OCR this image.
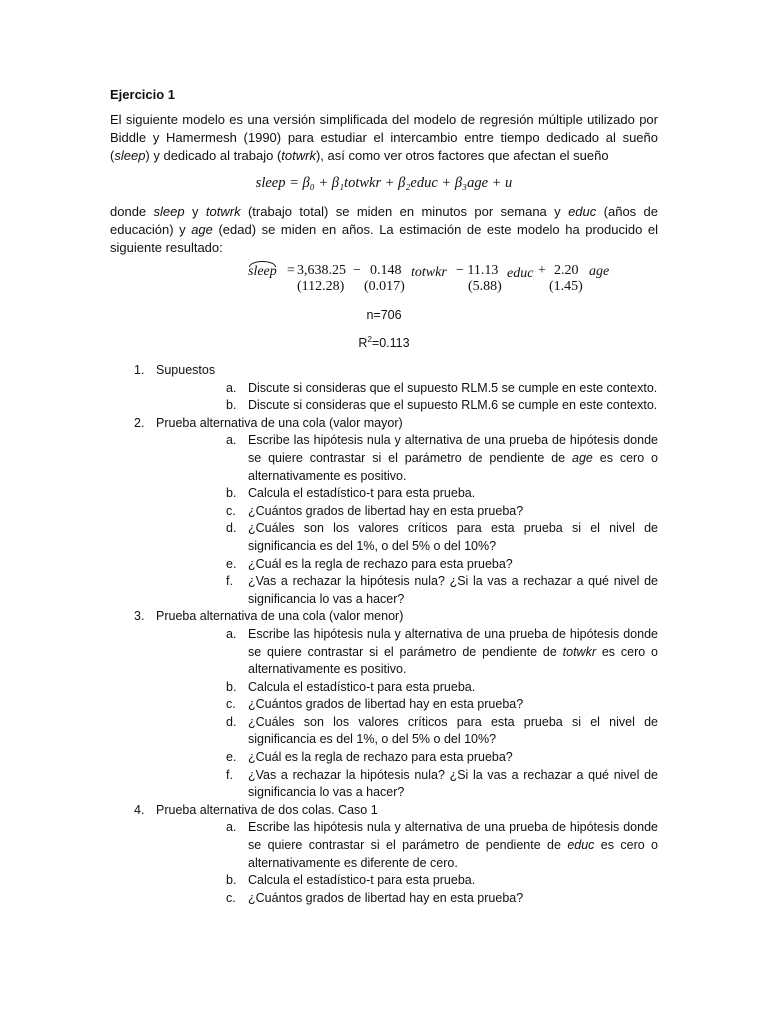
Ejercicio 1

El siguiente modelo es una versión simplificada del modelo de regresión múltiple utilizado por Biddle y Hamermesh (1990) para estudiar el intercambio entre tiempo dedicado al sueño (sleep) y dedicado al trabajo (totwrk), así como ver otros factores que afectan el sueño

sleep = β₀ + β₁totwkr + β₂educ + β₃age + u

donde sleep y totwrk (trabajo total) se miden en minutos por semana y educ (años de educación) y age (edad) se miden en años. La estimación de este modelo ha producido el siguiente resultado:

sleep = 3,638.25 − 0.148 totwkr − 11.13 educ + 2.20 age
(112.28) (0.017)	(5.88)	(1.45)
n=706
$R^2=0.113$
1. Supuestos
a. Discute si consideras que el supuesto RLM.5 se cumple en este contexto.
b. Discute si consideras que el supuesto RLM.6 se cumple en este contexto.
2. Prueba alternativa de una cola (valor mayor)
a. Escribe las hipótesis nula y alternativa de una prueba de hipótesis donde se quiere contrastar si el parámetro de pendiente de age es cero o alternativamente es positivo.
b. Calcula el estadístico-t para esta prueba.
c. ¿Cuántos grados de libertad hay en esta prueba?
d. ¿Cuáles son los valores críticos para esta prueba si el nivel de significancia es del 1%, o del 5% o del 10%?
e. ¿Cuál es la regla de rechazo para esta prueba?
f. ¿Vas a rechazar la hipótesis nula? ¿Si la vas a rechazar a qué nivel de significancia lo vas a hacer?
3. Prueba alternativa de una cola (valor menor)
a. Escribe las hipótesis nula y alternativa de una prueba de hipótesis donde se quiere contrastar si el parámetro de pendiente de totwkr es cero o alternativamente es positivo.
b. Calcula el estadístico-t para esta prueba.
c. ¿Cuántos grados de libertad hay en esta prueba?
d. ¿Cuáles son los valores críticos para esta prueba si el nivel de significancia es del 1%, o del 5% o del 10%?
e. ¿Cuál es la regla de rechazo para esta prueba?
f. ¿Vas a rechazar la hipótesis nula? ¿Si la vas a rechazar a qué nivel de significancia lo vas a hacer?
4. Prueba alternativa de dos colas. Caso 1
a. Escribe las hipótesis nula y alternativa de una prueba de hipótesis donde se quiere contrastar si el parámetro de pendiente de educ es cero o alternativamente es diferente de cero.
b. Calcula el estadístico-t para esta prueba.
c. ¿Cuántos grados de libertad hay en esta prueba?
